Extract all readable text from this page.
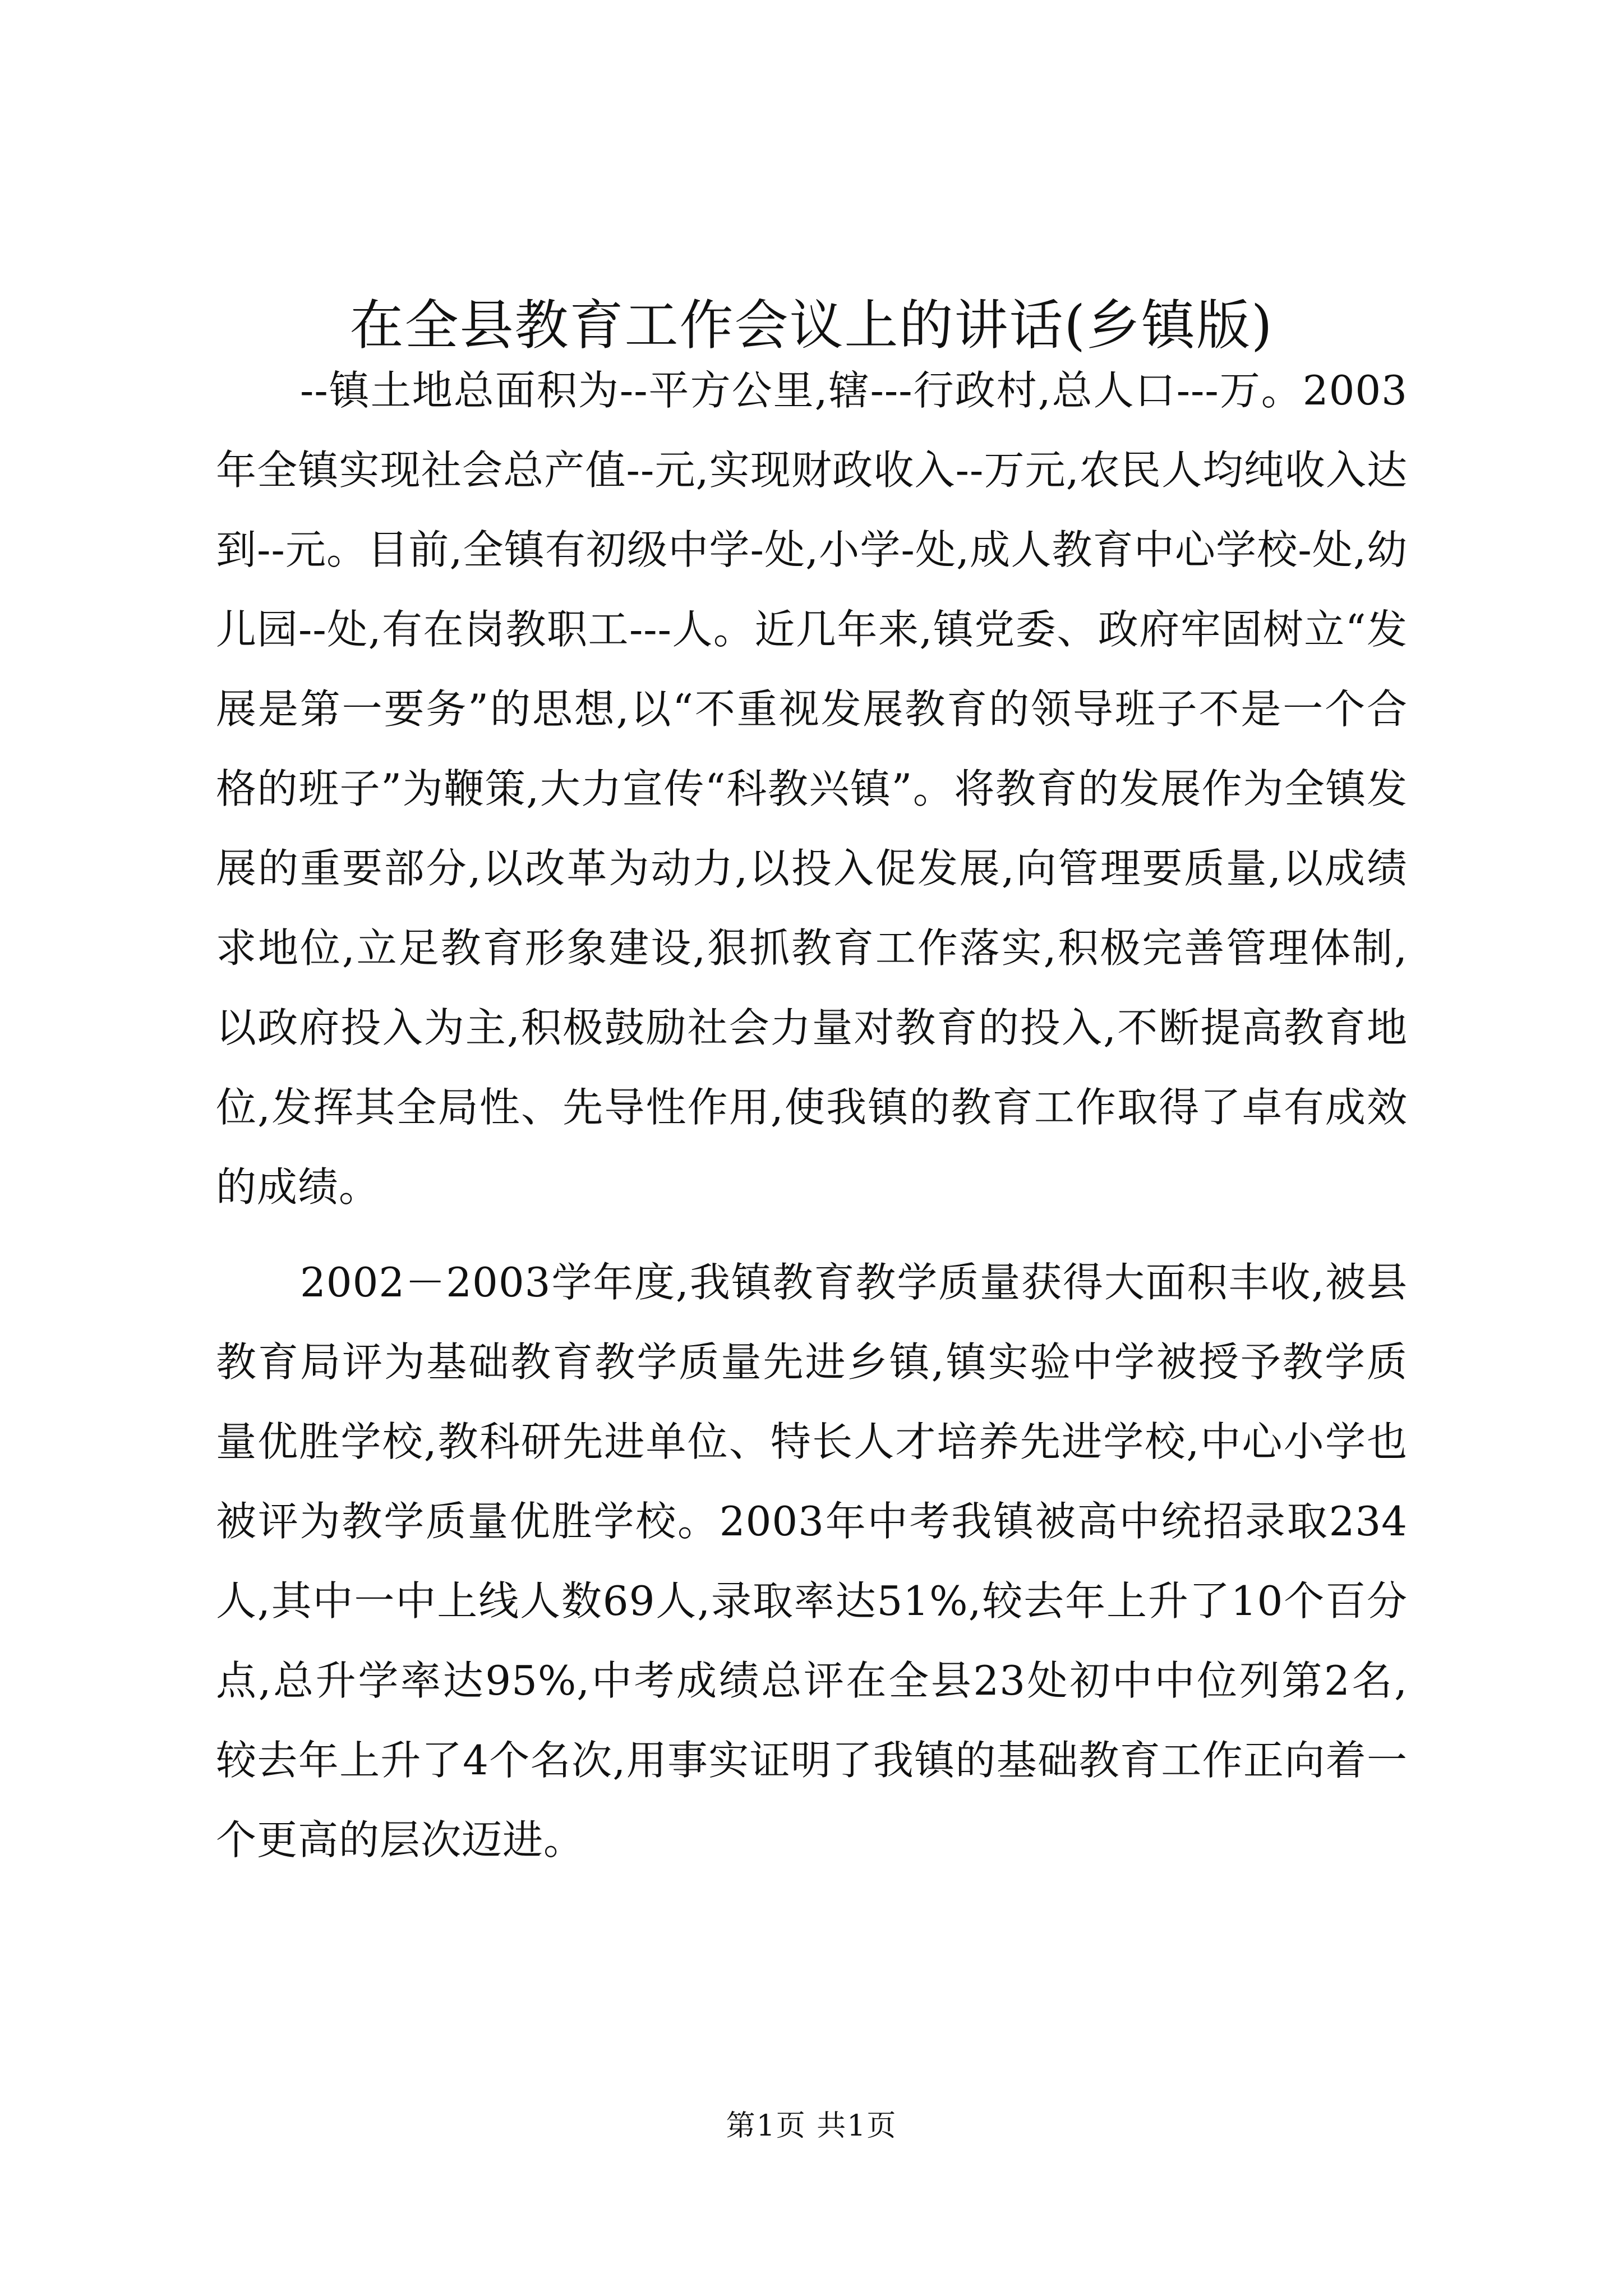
在全县教育工作会议上的讲话(乡镇版)

--镇土地总面积为--平方公里,辖---行政村,总人口---万。2003年全镇实现社会总产值--元,实现财政收入--万元,农民人均纯收入达到--元。目前,全镇有初级中学-处,小学-处,成人教育中心学校-处,幼儿园--处,有在岗教职工---人。近几年来,镇党委、政府牢固树立“发展是第一要务”的思想,以“不重视发展教育的领导班子不是一个合格的班子”为鞭策,大力宣传“科教兴镇”。将教育的发展作为全镇发展的重要部分,以改革为动力,以投入促发展,向管理要质量,以成绩求地位,立足教育形象建设,狠抓教育工作落实,积极完善管理体制,以政府投入为主,积极鼓励社会力量对教育的投入,不断提高教育地位,发挥其全局性、先导性作用,使我镇的教育工作取得了卓有成效的成绩。

2002－2003学年度,我镇教育教学质量获得大面积丰收,被县教育局评为基础教育教学质量先进乡镇,镇实验中学被授予教学质量优胜学校,教科研先进单位、特长人才培养先进学校,中心小学也被评为教学质量优胜学校。2003年中考我镇被高中统招录取234人,其中一中上线人数69人,录取率达51%,较去年上升了10个百分点,总升学率达95%,中考成绩总评在全县23处初中中位列第2名,较去年上升了4个名次,用事实证明了我镇的基础教育工作正向着一个更高的层次迈进。

第1页 共1页
